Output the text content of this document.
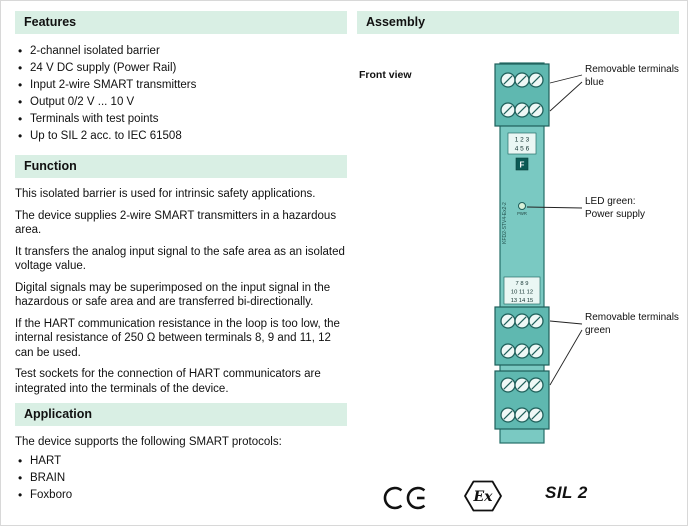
Features
• 2-channel isolated barrier
• 24 V DC supply (Power Rail)
• Input 2-wire SMART transmitters
• Output 0/2 V ... 10 V
• Terminals with test points
• Up to SIL 2 acc. to IEC 61508
Function

This isolated barrier is used for intrinsic safety applications.

The device supplies 2-wire SMART transmitters in a hazardous area.

It transfers the analog input signal to the safe area as an isolated voltage value.

Digital signals may be superimposed on the input signal in the hazardous or safe area and are transferred bi-directionally.

If the HART communication resistance in the loop is too low, the internal resistance of 250 Ω between terminals 8, 9 and 11, 12 can be used.

Test sockets for the connection of HART communicators are integrated into the terminals of the device.

Application

The device supports the following SMART protocols:

• HART
• BRAIN
• Foxboro
Assembly
1 2 3
4 5 6
F
KFD2-STV4-Ex2-2 PWR
7 8 9
10 11 12
13 14 15
Front view	Removable terminals
blue
LED green:
Power supply
Removable terminals
green
Ex	SIL 2
